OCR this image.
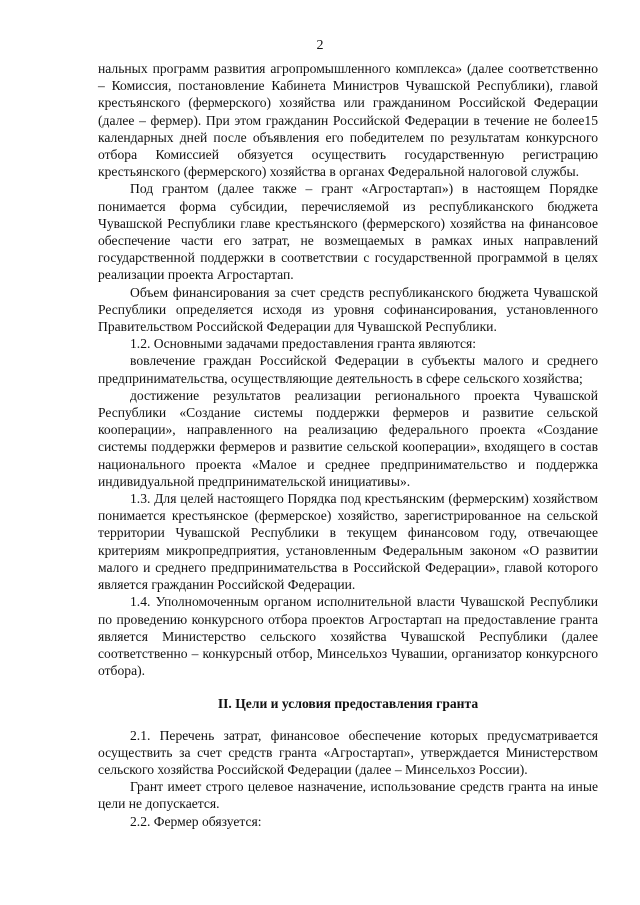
2

нальных программ развития агропромышленного комплекса» (далее соответственно – Комиссия, постановление Кабинета Министров Чувашской Республики), главой крестьянского (фермерского) хозяйства или гражданином Российской Федерации (далее – фермер). При этом гражданин Российской Федерации в течение не более15 календарных дней после объявления его победителем по результатам конкурсного отбора Комиссией обязуется осуществить государственную регистрацию крестьянского (фермерского) хозяйства в органах Федеральной налоговой службы.

Под грантом (далее также – грант «Агростартап») в настоящем Порядке понимается форма субсидии, перечисляемой из республиканского бюджета Чувашской Республики главе крестьянского (фермерского) хозяйства на финансовое обеспечение части его затрат, не возмещаемых в рамках иных направлений государственной поддержки в соответствии с государственной программой в целях реализации проекта Агростартап.

Объем финансирования за счет средств республиканского бюджета Чувашской Республики определяется исходя из уровня софинансирования, установленного Правительством Российской Федерации для Чувашской Республики.

1.2. Основными задачами предоставления гранта являются:

вовлечение граждан Российской Федерации в субъекты малого и среднего предпринимательства, осуществляющие деятельность в сфере сельского хозяйства;

достижение результатов реализации регионального проекта Чувашской Республики «Создание системы поддержки фермеров и развитие сельской кооперации», направленного на реализацию федерального проекта «Создание системы поддержки фермеров и развитие сельской кооперации», входящего в состав национального проекта «Малое и среднее предпринимательство и поддержка индивидуальной предпринимательской инициативы».

1.3. Для целей настоящего Порядка под крестьянским (фермерским) хозяйством понимается крестьянское (фермерское) хозяйство, зарегистрированное на сельской территории Чувашской Республики в текущем финансовом году, отвечающее критериям микропредприятия, установленным Федеральным законом «О развитии малого и среднего предпринимательства в Российской Федерации», главой которого является гражданин Российской Федерации.

1.4. Уполномоченным органом исполнительной власти Чувашской Республики по проведению конкурсного отбора проектов Агростартап на предоставление гранта является Министерство сельского хозяйства Чувашской Республики (далее соответственно – конкурсный отбор, Минсельхоз Чувашии, организатор конкурсного отбора).

II. Цели и условия предоставления гранта

2.1. Перечень затрат, финансовое обеспечение которых предусматривается осуществить за счет средств гранта «Агростартап», утверждается Министерством сельского хозяйства Российской Федерации (далее – Минсельхоз России).

Грант имеет строго целевое назначение, использование средств гранта на иные цели не допускается.

2.2. Фермер обязуется:
